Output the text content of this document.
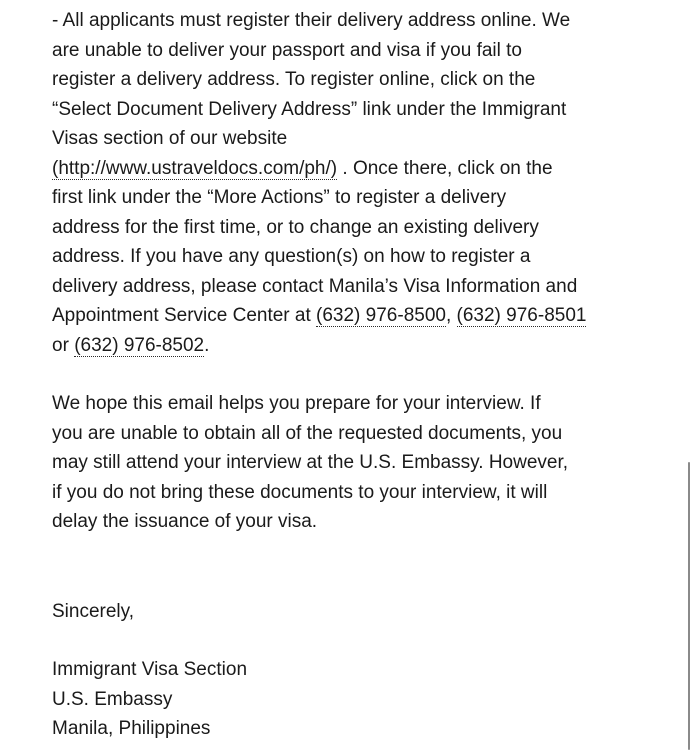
- All applicants must register their delivery address online. We
are unable to deliver your passport and visa if you fail to
register a delivery address. To register online, click on the
“Select Document Delivery Address” link under the Immigrant
Visas section of our website
(http://www.ustraveldocs.com/ph/) . Once there, click on the
first link under the “More Actions” to register a delivery
address for the first time, or to change an existing delivery
address. If you have any question(s) on how to register a
delivery address, please contact Manila’s Visa Information and
Appointment Service Center at (632) 976-8500, (632) 976-8501
or (632) 976-8502.
We hope this email helps you prepare for your interview. If
you are unable to obtain all of the requested documents, you
may still attend your interview at the U.S. Embassy. However,
if you do not bring these documents to your interview, it will
delay the issuance of your visa.
Sincerely,
Immigrant Visa Section
U.S. Embassy
Manila, Philippines
